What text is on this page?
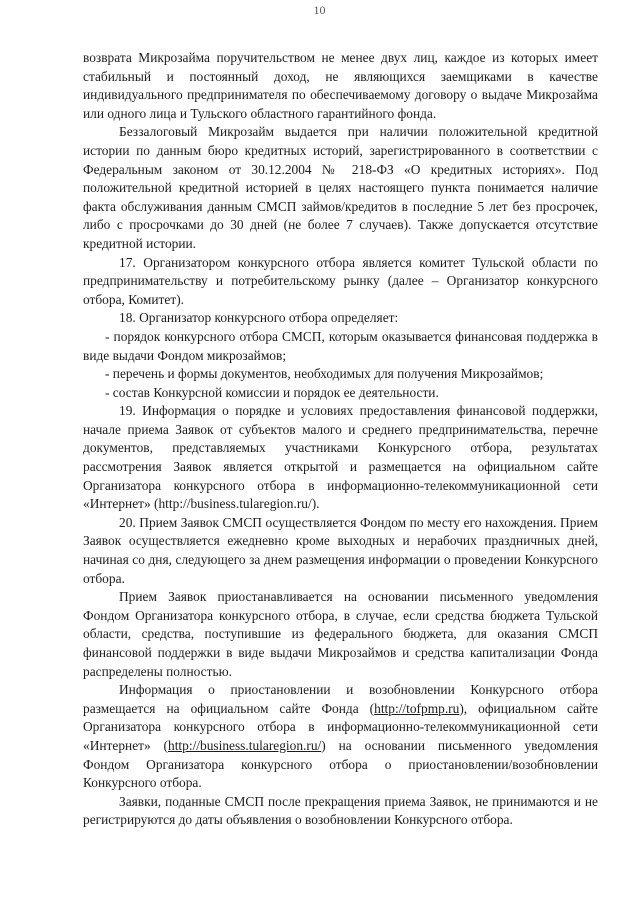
10

возврата Микрозайма поручительством не менее двух лиц, каждое из которых имеет стабильный и постоянный доход, не являющихся заемщиками в качестве индивидуального предпринимателя по обеспечиваемому договору о выдаче Микрозайма или одного лица и Тульского областного гарантийного фонда.

Беззалоговый Микрозайм выдается при наличии положительной кредитной истории по данным бюро кредитных историй, зарегистрированного в соответствии с Федеральным законом от 30.12.2004 № 218-ФЗ «О кредитных историях». Под положительной кредитной историей в целях настоящего пункта понимается наличие факта обслуживания данным СМСП займов/кредитов в последние 5 лет без просрочек, либо с просрочками до 30 дней (не более 7 случаев). Также допускается отсутствие кредитной истории.

17. Организатором конкурсного отбора является комитет Тульской области по предпринимательству и потребительскому рынку (далее – Организатор конкурсного отбора, Комитет).

18. Организатор конкурсного отбора определяет:

- порядок конкурсного отбора СМСП, которым оказывается финансовая поддержка в виде выдачи Фондом микрозаймов;

- перечень и формы документов, необходимых для получения Микрозаймов;

- состав Конкурсной комиссии и порядок ее деятельности.

19. Информация о порядке и условиях предоставления финансовой поддержки, начале приема Заявок от субъектов малого и среднего предпринимательства, перечне документов, представляемых участниками Конкурсного отбора, результатах рассмотрения Заявок является открытой и размещается на официальном сайте Организатора конкурсного отбора в информационно-телекоммуникационной сети «Интернет» (http://business.tularegion.ru/).

20. Прием Заявок СМСП осуществляется Фондом по месту его нахождения. Прием Заявок осуществляется ежедневно кроме выходных и нерабочих праздничных дней, начиная со дня, следующего за днем размещения информации о проведении Конкурсного отбора.

Прием Заявок приостанавливается на основании письменного уведомления Фондом Организатора конкурсного отбора, в случае, если средства бюджета Тульской области, средства, поступившие из федерального бюджета, для оказания СМСП финансовой поддержки в виде выдачи Микрозаймов и средства капитализации Фонда распределены полностью.

Информация о приостановлении и возобновлении Конкурсного отбора размещается на официальном сайте Фонда (http://tofpmp.ru), официальном сайте Организатора конкурсного отбора в информационно-телекоммуникационной сети «Интернет» (http://business.tularegion.ru/) на основании письменного уведомления Фондом Организатора конкурсного отбора о приостановлении/возобновлении Конкурсного отбора.

Заявки, поданные СМСП после прекращения приема Заявок, не принимаются и не регистрируются до даты объявления о возобновлении Конкурсного отбора.
